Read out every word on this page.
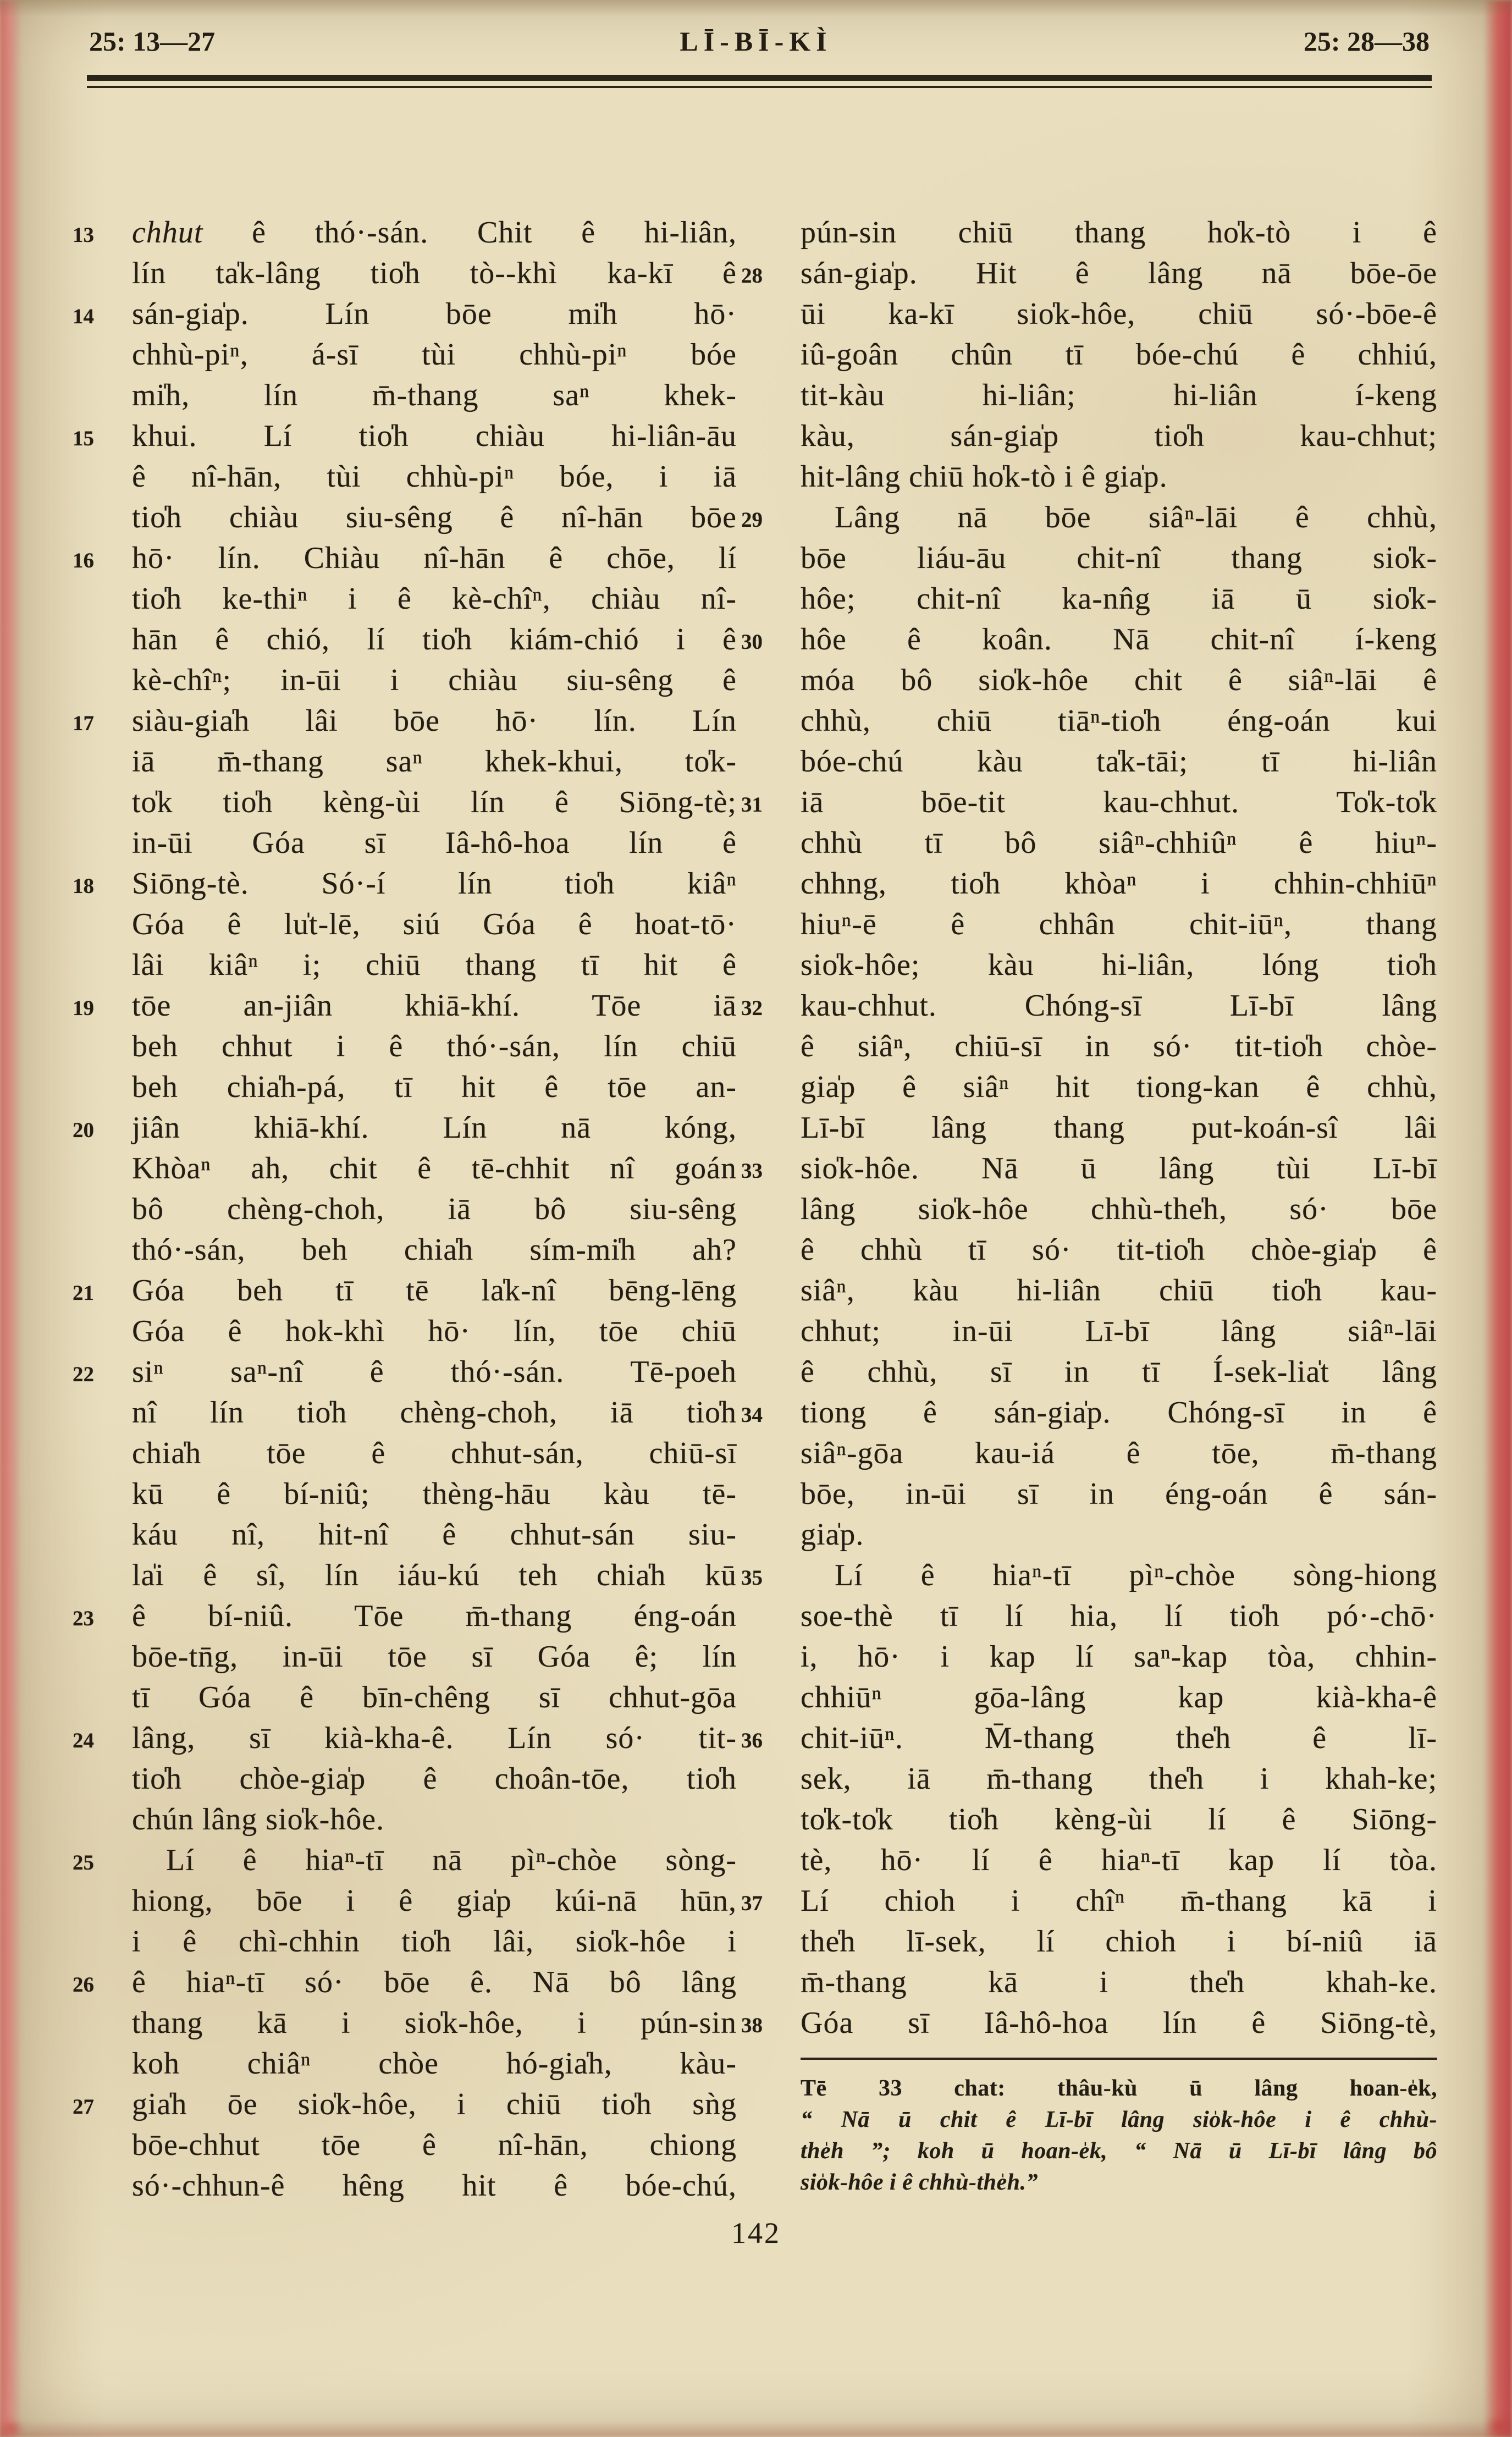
25: 13—27	LĪ-BĪ-KÌ	25: 28—38
13	chhut ê thó·-sán. Chit ê hi-liân,
lín ta̍k-lâng tio̍h tò--khì ka-kī ê
14	sán-gia̍p. Lín bōe mi̍h hō·
chhù-piⁿ, á-sī tùi chhù-piⁿ bóe
mi̍h, lín m̄-thang saⁿ khek-
15	khui. Lí tio̍h chiàu hi-liân-āu
ê nî-hān, tùi chhù-piⁿ bóe, i iā
tio̍h chiàu siu-sêng ê nî-hān bōe
16	hō· lín. Chiàu nî-hān ê chōe, lí
tio̍h ke-thiⁿ i ê kè-chîⁿ, chiàu nî-
hān ê chió, lí tio̍h kiám-chió i ê
kè-chîⁿ; in-ūi i chiàu siu-sêng ê
17	siàu-gia̍h lâi bōe hō· lín. Lín
iā m̄-thang saⁿ khek-khui, to̍k-
to̍k tio̍h kèng-ùi lín ê Siōng-tè;
in-ūi Góa sī Iâ-hô-hoa lín ê
18	Siōng-tè. Só·-í lín tio̍h kiâⁿ
Góa ê lu̍t-lē, siú Góa ê hoat-tō·
lâi kiâⁿ i; chiū thang tī hit ê
19	tōe an-jiân khiā-khí. Tōe iā
beh chhut i ê thó·-sán, lín chiū
beh chia̍h-pá, tī hit ê tōe an-
20	jiân khiā-khí. Lín nā kóng,
Khòaⁿ ah, chit ê tē-chhit nî goán
bô chèng-choh, iā bô siu-sêng
thó·-sán, beh chia̍h sím-mi̍h ah?
21	Góa beh tī tē la̍k-nî bēng-lēng
Góa ê hok-khì hō· lín, tōe chiū
22	siⁿ saⁿ-nî ê thó·-sán. Tē-poeh
nî lín tio̍h chèng-choh, iā tio̍h
chia̍h tōe ê chhut-sán, chiū-sī
kū ê bí-niû; thèng-hāu kàu tē-
káu nî, hit-nî ê chhut-sán siu-
la̍i ê sî, lín iáu-kú teh chia̍h kū
23	ê bí-niû. Tōe m̄-thang éng-oán
bōe-tn̄g, in-ūi tōe sī Góa ê; lín
tī Góa ê bīn-chêng sī chhut-gōa
24	lâng, sī kià-kha-ê. Lín só· tit-
tio̍h chòe-gia̍p ê choân-tōe, tio̍h
chún lâng sio̍k-hôe.
25	Lí ê hiaⁿ-tī nā pìⁿ-chòe sòng-
hiong, bōe i ê gia̍p kúi-nā hūn,
i ê chì-chhin tio̍h lâi, sio̍k-hôe i
26	ê hiaⁿ-tī só· bōe ê. Nā bô lâng
thang kā i sio̍k-hôe, i pún-sin
koh chiâⁿ chòe hó-gia̍h, kàu-
27	gia̍h ōe sio̍k-hôe, i chiū tio̍h sǹg
bōe-chhut tōe ê nî-hān, chiong
só·-chhun-ê hêng hit ê bóe-chú,
pún-sin chiū thang ho̍k-tò i ê
28	sán-gia̍p. Hit ê lâng nā bōe-ōe
ūi ka-kī sio̍k-hôe, chiū só·-bōe-ê
iû-goân chûn tī bóe-chú ê chhiú,
tit-kàu hi-liân; hi-liân í-keng
kàu, sán-gia̍p tio̍h kau-chhut;
hit-lâng chiū ho̍k-tò i ê gia̍p.
29	Lâng nā bōe siâⁿ-lāi ê chhù,
bōe liáu-āu chit-nî thang sio̍k-
hôe; chit-nî ka-nn̂g iā ū sio̍k-
30	hôe ê koân. Nā chit-nî í-keng
móa bô sio̍k-hôe chit ê siâⁿ-lāi ê
chhù, chiū tiāⁿ-tio̍h éng-oán kui
bóe-chú kàu ta̍k-tāi; tī hi-liân
31	iā bōe-tit kau-chhut. To̍k-to̍k
chhù tī bô siâⁿ-chhiûⁿ ê hiuⁿ-
chhng, tio̍h khòaⁿ i chhin-chhiūⁿ
hiuⁿ-ē ê chhân chit-iūⁿ, thang
sio̍k-hôe; kàu hi-liân, lóng tio̍h
32	kau-chhut. Chóng-sī Lī-bī lâng
ê siâⁿ, chiū-sī in só· tit-tio̍h chòe-
gia̍p ê siâⁿ hit tiong-kan ê chhù,
Lī-bī lâng thang put-koán-sî lâi
33	sio̍k-hôe. Nā ū lâng tùi Lī-bī
lâng sio̍k-hôe chhù-the̍h, só· bōe
ê chhù tī só· tit-tio̍h chòe-gia̍p ê
siâⁿ, kàu hi-liân chiū tio̍h kau-
chhut; in-ūi Lī-bī lâng siâⁿ-lāi
ê chhù, sī in tī Í-sek-lia̍t lâng
34	tiong ê sán-gia̍p. Chóng-sī in ê
siâⁿ-gōa kau-iá ê tōe, m̄-thang
bōe, in-ūi sī in éng-oán ê sán-
gia̍p.
35	Lí ê hiaⁿ-tī pìⁿ-chòe sòng-hiong
soe-thè tī lí hia, lí tio̍h pó·-chō·
i, hō· i kap lí saⁿ-kap tòa, chhin-
chhiūⁿ gōa-lâng kap kià-kha-ê
36	chit-iūⁿ. M̄-thang the̍h ê lī-
sek, iā m̄-thang the̍h i khah-ke;
to̍k-to̍k tio̍h kèng-ùi lí ê Siōng-
tè, hō· lí ê hiaⁿ-tī kap lí tòa.
37	Lí chioh i chîⁿ m̄-thang kā i
the̍h lī-sek, lí chioh i bí-niû iā
m̄-thang kā i the̍h khah-ke.
38	Góa sī Iâ-hô-hoa lín ê Siōng-tè,
Tē 33 chat: thâu-kù ū lâng hoan-e̍k,
“ Nā ū chit ê Lī-bī lâng sio̍k-hôe i ê chhù-
the̍h ”; koh ū hoan-e̍k, “ Nā ū Lī-bī lâng bô
sio̍k-hôe i ê chhù-the̍h.”
142
